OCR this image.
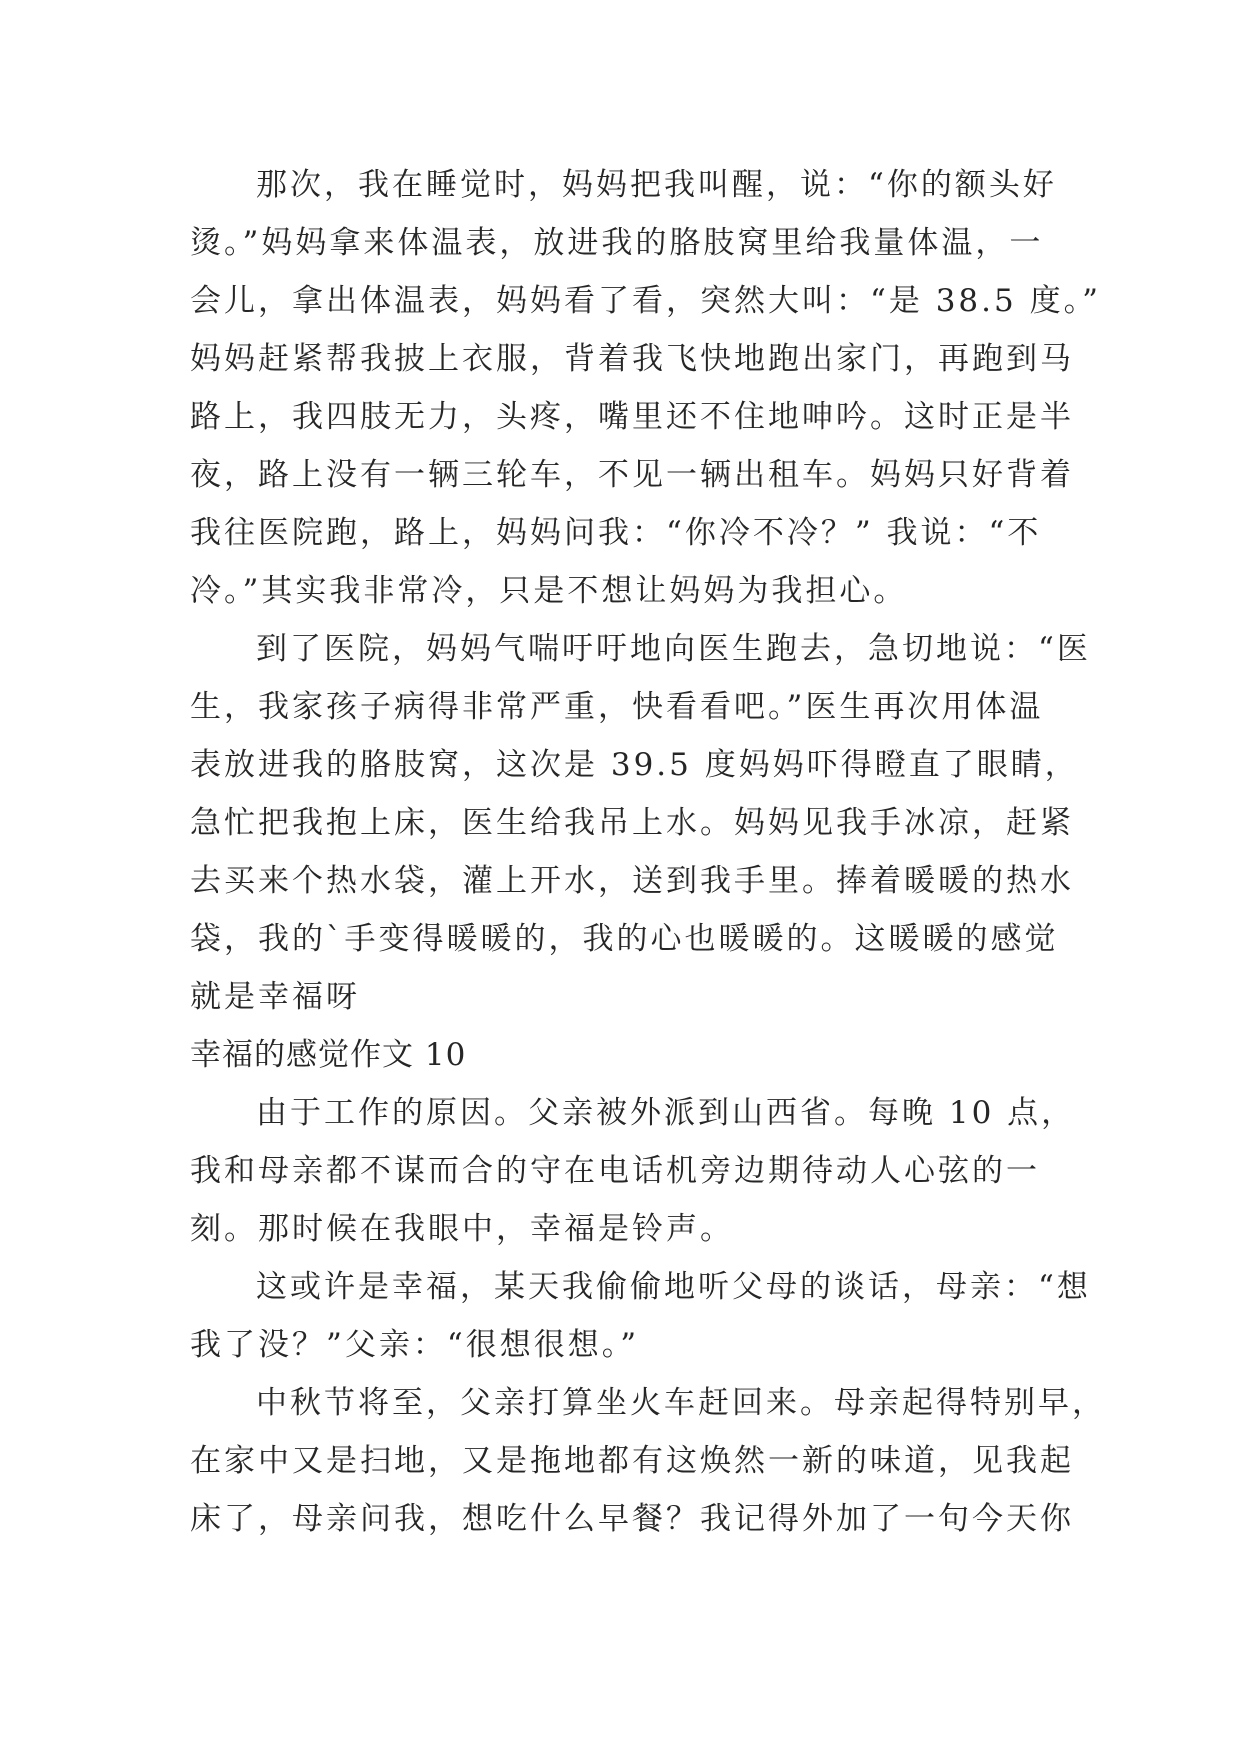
那次，我在睡觉时，妈妈把我叫醒，说：“你的额头好
烫。”妈妈拿来体温表，放进我的胳肢窝里给我量体温，一
会儿，拿出体温表，妈妈看了看，突然大叫：“是 38.5 度。”
妈妈赶紧帮我披上衣服，背着我飞快地跑出家门，再跑到马
路上，我四肢无力，头疼，嘴里还不住地呻吟。这时正是半
夜，路上没有一辆三轮车，不见一辆出租车。妈妈只好背着
我往医院跑，路上，妈妈问我：“你冷不冷？” 我说：“不
冷。”其实我非常冷，只是不想让妈妈为我担心。
到了医院，妈妈气喘吁吁地向医生跑去，急切地说：“医
生，我家孩子病得非常严重，快看看吧。”医生再次用体温
表放进我的胳肢窝，这次是 39.5 度妈妈吓得瞪直了眼睛，
急忙把我抱上床，医生给我吊上水。妈妈见我手冰凉，赶紧
去买来个热水袋，灌上开水，送到我手里。捧着暖暖的热水
袋，我的`手变得暖暖的，我的心也暖暖的。这暖暖的感觉
就是幸福呀
幸福的感觉作文 10
由于工作的原因。父亲被外派到山西省。每晚 10 点，
我和母亲都不谋而合的守在电话机旁边期待动人心弦的一
刻。那时候在我眼中，幸福是铃声。
这或许是幸福，某天我偷偷地听父母的谈话，母亲：“想
我了没？”父亲：“很想很想。”
中秋节将至，父亲打算坐火车赶回来。母亲起得特别早，
在家中又是扫地，又是拖地都有这焕然一新的味道，见我起
床了，母亲问我，想吃什么早餐？我记得外加了一句今天你
